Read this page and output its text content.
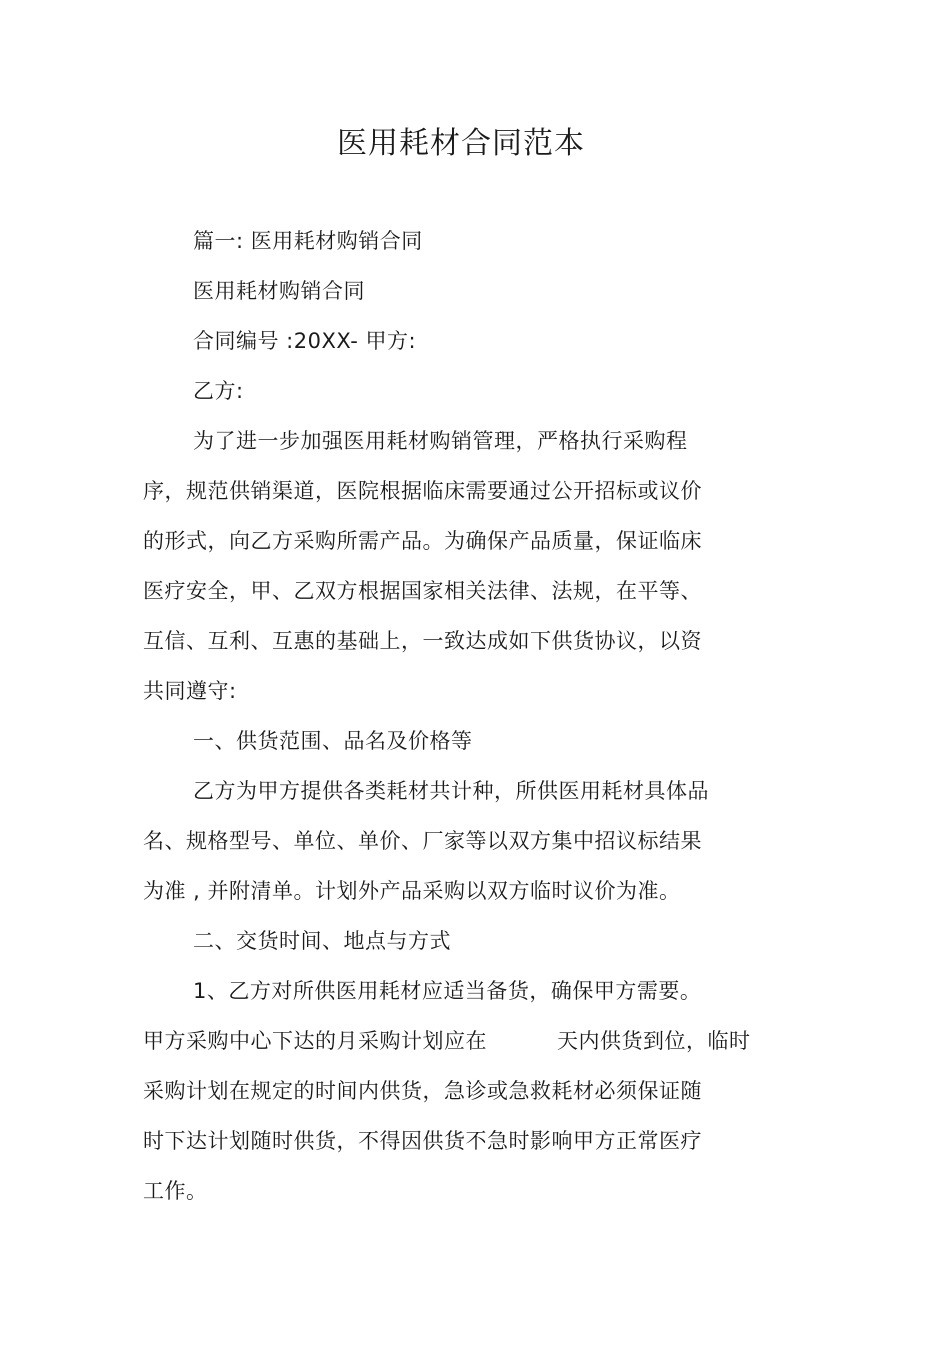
医用耗材合同范本
篇一: 医用耗材购销合同
医用耗材购销合同
合同编号 :20XX- 甲方:
乙方:
为了进一步加强医用耗材购销管理，严格执行采购程
序，规范供销渠道，医院根据临床需要通过公开招标或议价
的形式，向乙方采购所需产品。为确保产品质量，保证临床
医疗安全，甲、乙双方根据国家相关法律、法规，在平等、
互信、互利、互惠的基础上，一致达成如下供货协议，以资
共同遵守:
一、供货范围、品名及价格等
乙方为甲方提供各类耗材共计种，所供医用耗材具体品
名、规格型号、单位、单价、厂家等以双方集中招议标结果
为准 , 并附清单。计划外产品采购以双方临时议价为准。
二、交货时间、地点与方式
1、乙方对所供医用耗材应适当备货，确保甲方需要。
甲方采购中心下达的月采购计划应在	天内供货到位，临时
采购计划在规定的时间内供货，急诊或急救耗材必须保证随
时下达计划随时供货，不得因供货不急时影响甲方正常医疗
工作。
